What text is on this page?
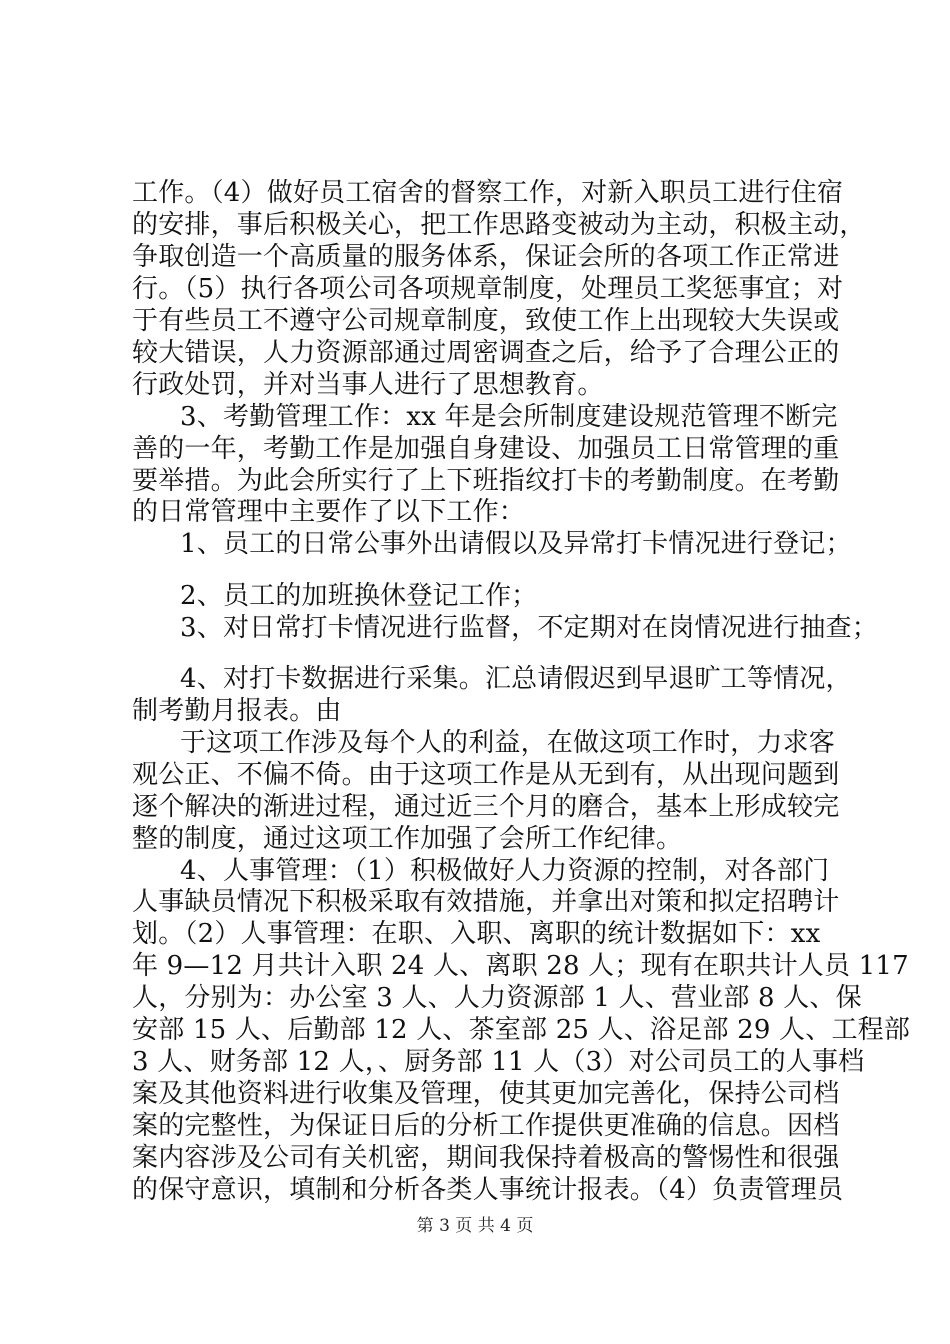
工作。（4）做好员工宿舍的督察工作，对新入职员工进行住宿
的安排，事后积极关心，把工作思路变被动为主动，积极主动，
争取创造一个高质量的服务体系，保证会所的各项工作正常进
行。（5）执行各项公司各项规章制度，处理员工奖惩事宜；对
于有些员工不遵守公司规章制度，致使工作上出现较大失误或
较大错误，人力资源部通过周密调查之后，给予了合理公正的
行政处罚，并对当事人进行了思想教育。
3、考勤管理工作：xx 年是会所制度建设规范管理不断完
善的一年，考勤工作是加强自身建设、加强员工日常管理的重
要举措。为此会所实行了上下班指纹打卡的考勤制度。在考勤
的日常管理中主要作了以下工作：
1、员工的日常公事外出请假以及异常打卡情况进行登记；
2、员工的加班换休登记工作；
3、对日常打卡情况进行监督，不定期对在岗情况进行抽查；
4、对打卡数据进行采集。汇总请假迟到早退旷工等情况，
制考勤月报表。由
于这项工作涉及每个人的利益，在做这项工作时，力求客
观公正、不偏不倚。由于这项工作是从无到有，从出现问题到
逐个解决的渐进过程，通过近三个月的磨合，基本上形成较完
整的制度，通过这项工作加强了会所工作纪律。
4、人事管理：（1）积极做好人力资源的控制，对各部门
人事缺员情况下积极采取有效措施，并拿出对策和拟定招聘计
划。（2）人事管理：在职、入职、离职的统计数据如下：xx
年 9—12 月共计入职 24 人、离职 28 人；现有在职共计人员 117
人，分别为：办公室 3 人、人力资源部 1 人、营业部 8 人、保
安部 15 人、后勤部 12 人、茶室部 25 人、浴足部 29 人、工程部
3 人、财务部 12 人，、厨务部 11 人（3）对公司员工的人事档
案及其他资料进行收集及管理，使其更加完善化，保持公司档
案的完整性，为保证日后的分析工作提供更准确的信息。因档
案内容涉及公司有关机密，期间我保持着极高的警惕性和很强
的保守意识，填制和分析各类人事统计报表。（4）负责管理员
第 3 页 共 4 页
